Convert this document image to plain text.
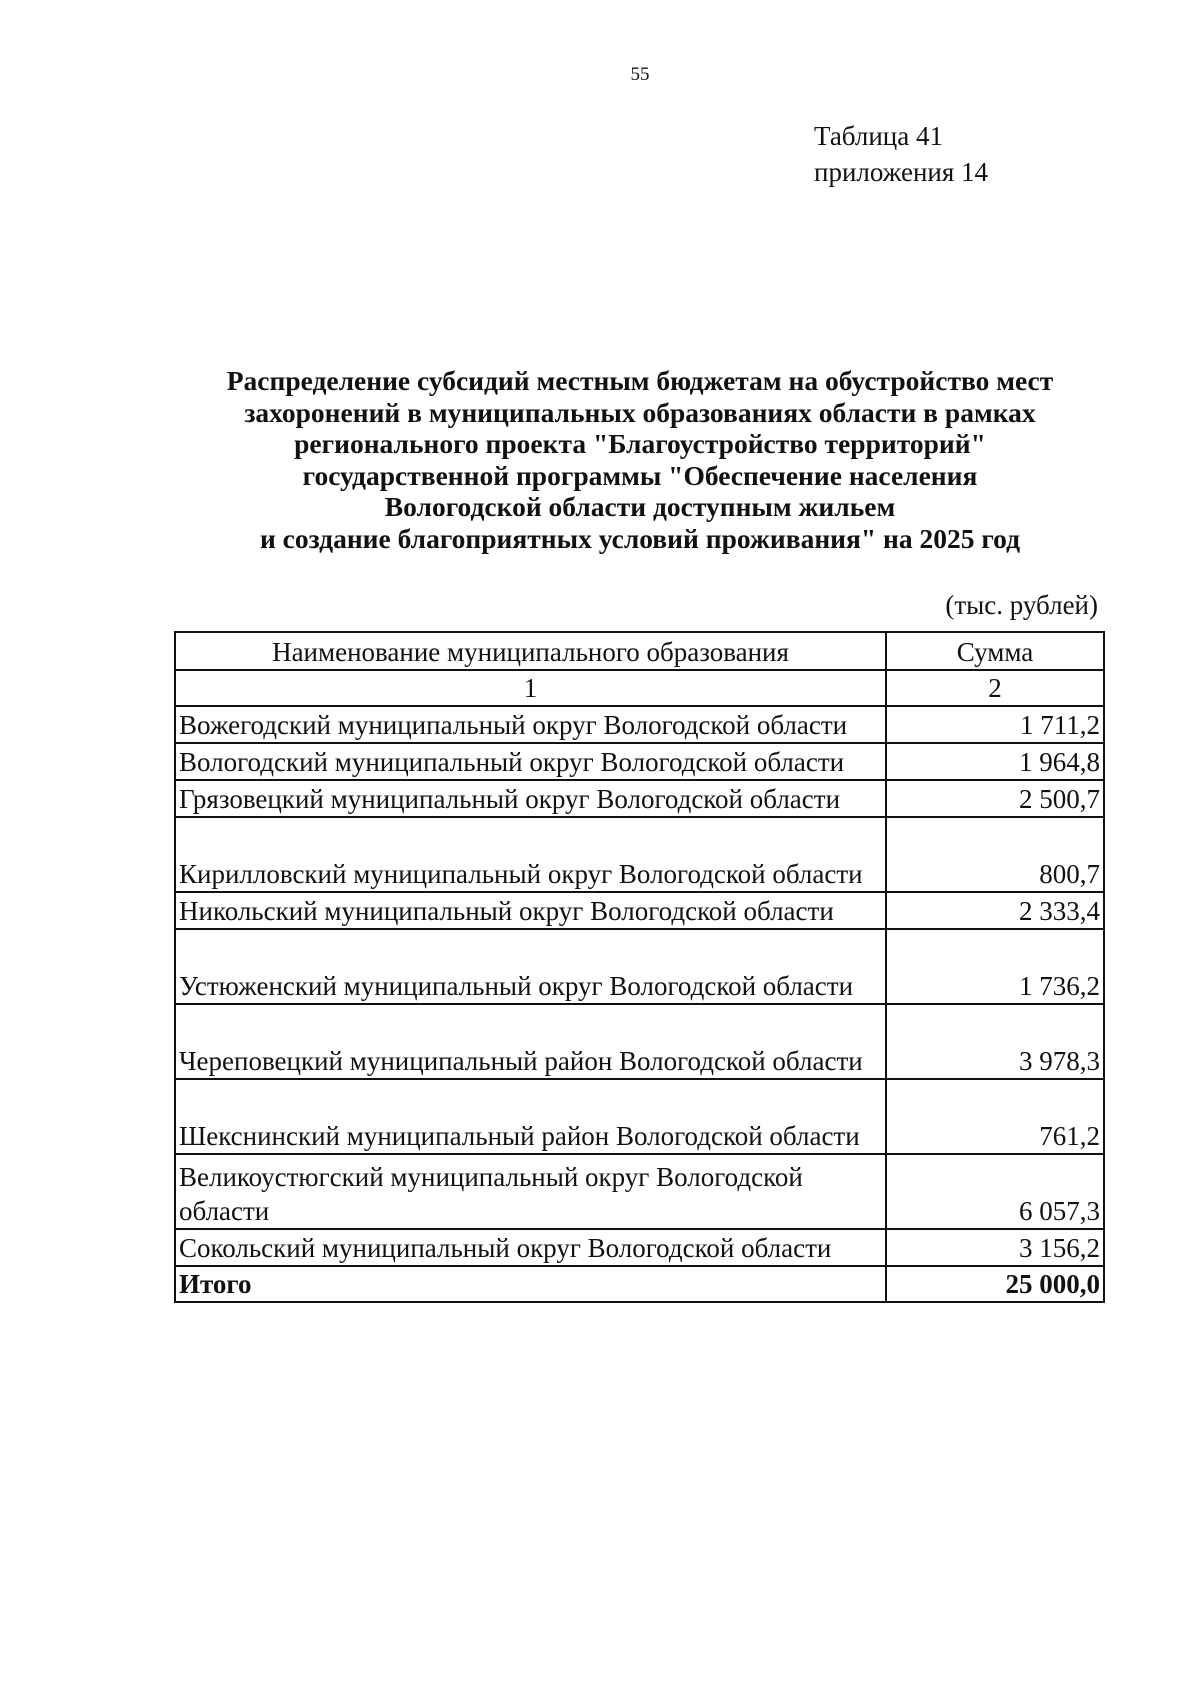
55
Таблица 41
приложения 14
Распределение субсидий местным бюджетам на обустройство мест
захоронений в муниципальных образованиях области в рамках
регионального проекта "Благоустройство территорий"
государственной программы "Обеспечение населения
Вологодской области доступным жильем
и создание благоприятных условий проживания" на 2025 год
(тыс. рублей)
Наименование муниципального образования	Сумма
1	2
Вожегодский муниципальный округ Вологодской области	1 711,2
Вологодский муниципальный округ Вологодской области	1 964,8
Грязовецкий муниципальный округ Вологодской области	2 500,7
Кирилловский муниципальный округ Вологодской области	800,7
Никольский муниципальный округ Вологодской области	2 333,4
Устюженский муниципальный округ Вологодской области	1 736,2
Череповецкий муниципальный район Вологодской области	3 978,3
Шекснинский муниципальный район Вологодской области	761,2
Великоустюгский муниципальный округ Вологодской области	6 057,3
Сокольский муниципальный округ Вологодской области	3 156,2
Итого	25 000,0
